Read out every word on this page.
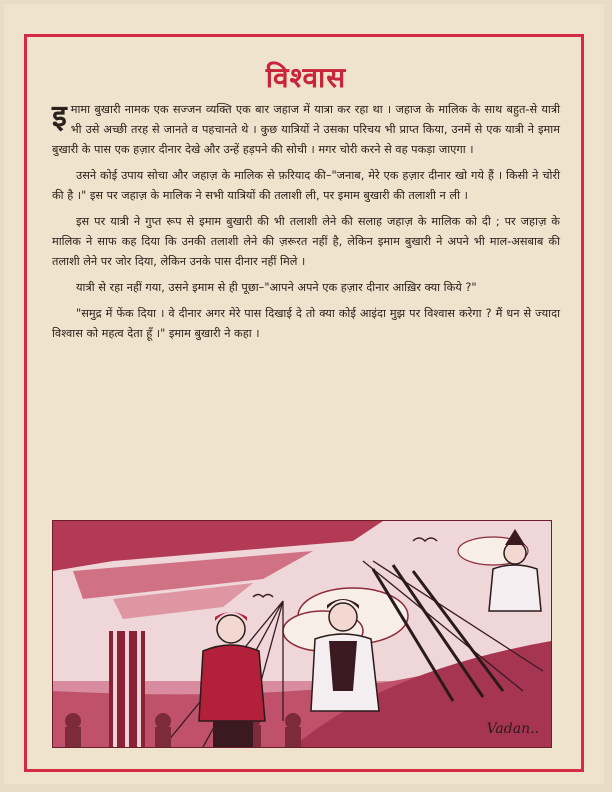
विश्वास

इमामा बुखारी नामक एक सज्जन व्यक्ति एक बार जहाज में यात्रा कर रहा था । जहाज के मालिक के साथ बहुत-से यात्री भी उसे अच्छी तरह से जानते व पहचानते थे । कुछ यात्रियों ने उसका परिचय भी प्राप्त किया, उनमें से एक यात्री ने इमाम बुखारी के पास एक हज़ार दीनार देखे और उन्हें हड़पने की सोची । मगर चोरी करने से वह पकड़ा जाएगा ।

उसने कोई उपाय सोचा और जहाज़ के मालिक से फ़रियाद की–"जनाब, मेरे एक हज़ार दीनार खो गये हैं । किसी ने चोरी की है ।" इस पर जहाज़ के मालिक ने सभी यात्रियों की तलाशी ली, पर इमाम बुखारी की तलाशी न ली ।

इस पर यात्री ने गुप्त रूप से इमाम बुखारी की भी तलाशी लेने की सलाह जहाज़ के मालिक को दी ; पर जहाज़ के मालिक ने साफ कह दिया कि उनकी तलाशी लेने की ज़रूरत नहीं है, लेकिन इमाम बुखारी ने अपने भी माल-असबाब की तलाशी लेने पर जोर दिया, लेकिन उनके पास दीनार नहीं मिले ।

यात्री से रहा नहीं गया, उसने इमाम से ही पूछा–"आपने अपने एक हज़ार दीनार आख़िर क्या किये ?"

"समुद्र में फेंक दिया । वे दीनार अगर मेरे पास दिखाई दे तो क्या कोई आइंदा मुझ पर विश्वास करेगा ? मैं धन से ज्यादा विश्वास को महत्व देता हूँ ।" इमाम बुखारी ने कहा ।

Vadan..
